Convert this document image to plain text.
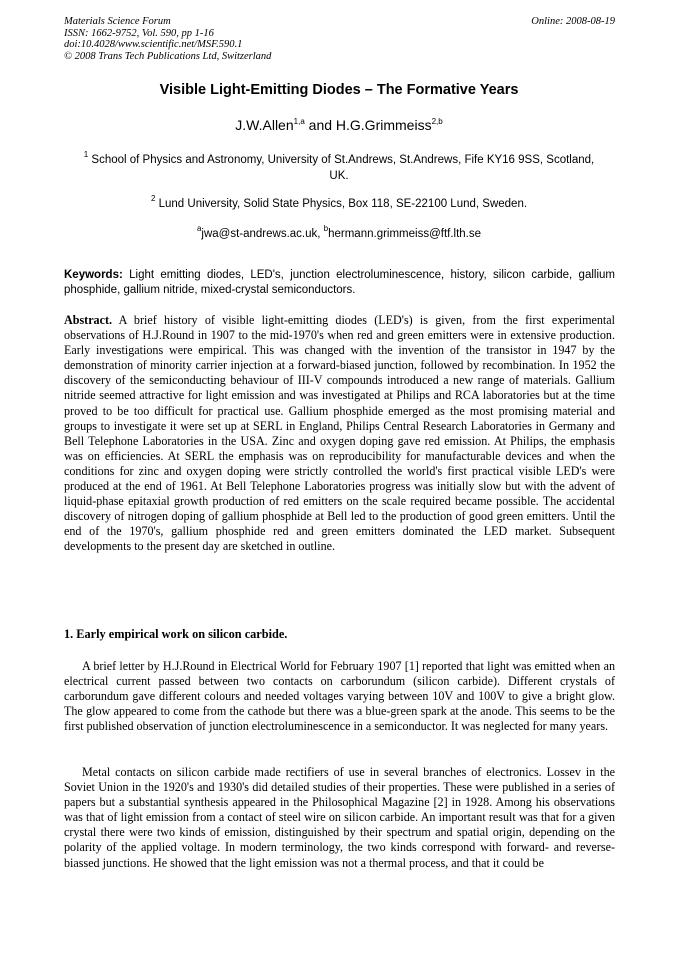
Materials Science Forum
ISSN: 1662-9752, Vol. 590, pp 1-16
doi:10.4028/www.scientific.net/MSF.590.1
© 2008 Trans Tech Publications Ltd, Switzerland
Online: 2008-08-19
Visible Light-Emitting Diodes – The Formative Years
J.W.Allen$^{1,a}$ and H.G.Grimmeiss$^{2,b}$
$^1$ School of Physics and Astronomy, University of St.Andrews, St.Andrews, Fife KY16 9SS, Scotland, UK.
$^2$ Lund University, Solid State Physics, Box 118, SE-22100 Lund, Sweden.
$^a$jwa@st-andrews.ac.uk, $^b$hermann.grimmeiss@ftf.lth.se
Keywords: Light emitting diodes, LED's, junction electroluminescence, history, silicon carbide, gallium phosphide, gallium nitride, mixed-crystal semiconductors.
Abstract. A brief history of visible light-emitting diodes (LED's) is given, from the first experimental observations of H.J.Round in 1907 to the mid-1970's when red and green emitters were in extensive production. Early investigations were empirical. This was changed with the invention of the transistor in 1947 by the demonstration of minority carrier injection at a forward-biased junction, followed by recombination. In 1952 the discovery of the semiconducting behaviour of III-V compounds introduced a new range of materials. Gallium nitride seemed attractive for light emission and was investigated at Philips and RCA laboratories but at the time proved to be too difficult for practical use. Gallium phosphide emerged as the most promising material and groups to investigate it were set up at SERL in England, Philips Central Research Laboratories in Germany and Bell Telephone Laboratories in the USA. Zinc and oxygen doping gave red emission. At Philips, the emphasis was on efficiencies. At SERL the emphasis was on reproducibility for manufacturable devices and when the conditions for zinc and oxygen doping were strictly controlled the world's first practical visible LED's were produced at the end of 1961. At Bell Telephone Laboratories progress was initially slow but with the advent of liquid-phase epitaxial growth production of red emitters on the scale required became possible. The accidental discovery of nitrogen doping of gallium phosphide at Bell led to the production of good green emitters. Until the end of the 1970's, gallium phosphide red and green emitters dominated the LED market. Subsequent developments to the present day are sketched in outline.
1. Early empirical work on silicon carbide.
A brief letter by H.J.Round in Electrical World for February 1907 [1] reported that light was emitted when an electrical current passed between two contacts on carborundum (silicon carbide). Different crystals of carborundum gave different colours and needed voltages varying between 10V and 100V to give a bright glow. The glow appeared to come from the cathode but there was a blue-green spark at the anode. This seems to be the first published observation of junction electroluminescence in a semiconductor. It was neglected for many years.
Metal contacts on silicon carbide made rectifiers of use in several branches of electronics. Lossev in the Soviet Union in the 1920's and 1930's did detailed studies of their properties. These were published in a series of papers but a substantial synthesis appeared in the Philosophical Magazine [2] in 1928. Among his observations was that of light emission from a contact of steel wire on silicon carbide. An important result was that for a given crystal there were two kinds of emission, distinguished by their spectrum and spatial origin, depending on the polarity of the applied voltage. In modern terminology, the two kinds correspond with forward- and reverse-biassed junctions. He showed that the light emission was not a thermal process, and that it could be
